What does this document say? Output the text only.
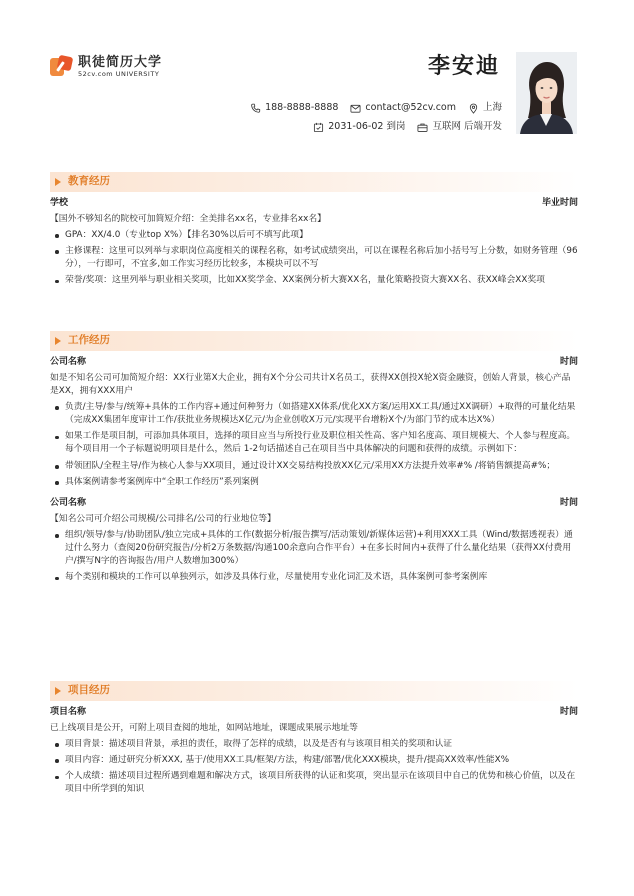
职徒简历大学
52cv.com UNIVERSITY	李安迪
188-8888-8888	contact@52cv.com	上海
2031-06-02 到岗	互联网 后端开发
教育经历
学校	毕业时间
【国外不够知名的院校可加简短介绍：全美排名xx名，专业排名xx名】
GPA：XX/4.0（专业top X%）【排名30%以后可不填写此项】
主修课程：这里可以列举与求职岗位高度相关的课程名称，如考试成绩突出，可以在课程名称后加小括号写上分数，如财务管理（96分），一行即可，不宜多,如工作实习经历比较多，本模块可以不写
荣誉/奖项：这里列举与职业相关奖项，比如XX奖学金、XX案例分析大赛XX名，量化策略投资大赛XX名、获XX峰会XX奖项
工作经历
公司名称	时间
如是不知名公司可加简短介绍：XX行业第X大企业，拥有X个分公司共计X名员工，获得XX创投X轮X资金融资，创始人背景，核心产品是XX，拥有XXX用户
负责/主导/参与/统筹+具体的工作内容+通过何种努力（如搭建XX体系/优化XX方案/运用XX工具/通过XX调研）+取得的可量化结果（完成XX集团年度审计工作/获批业务规模达X亿元/为企业创收X万元/实现平台增粉X个/为部门节约成本达X%）
如果工作是项目制，可添加具体项目，选择的项目应当与所投行业及职位相关性高、客户知名度高、项目规模大、个人参与程度高。每个项目用一个子标题说明项目是什么，然后 1-2句话描述自己在项目当中具体解决的问题和获得的成绩。示例如下：
带领团队/全程主导/作为核心人参与XX项目，通过设计XX交易结构投放XX亿元/采用XX方法提升效率#% /将销售额提高#%；
具体案例请参考案例库中“全职工作经历”系列案例
公司名称	时间
【知名公司可介绍公司规模/公司排名/公司的行业地位等】
组织/领导/参与/协助团队/独立完成+具体的工作(数据分析/报告撰写/活动策划/新媒体运营)+利用XXX工具（Wind/数据透视表）通过什么努力（查阅20份研究报告/分析2万条数据/沟通100余意向合作平台）+在多长时间内+获得了什么量化结果（获得XX付费用户/撰写N字的咨询报告/用户人数增加300%）
每个类别和模块的工作可以单独列示，如涉及具体行业，尽量使用专业化词汇及术语，具体案例可参考案例库
项目经历
项目名称	时间
已上线项目是公开，可附上项目查阅的地址，如网站地址，课题成果展示地址等
项目背景：描述项目背景，承担的责任，取得了怎样的成绩，以及是否有与该项目相关的奖项和认证
项目内容：通过研究分析XXX, 基于/使用XX工具/框架/方法，构建/部署/优化XXX模块，提升/提高XX效率/性能X%
个人成绩：描述项目过程所遇到难题和解决方式，该项目所获得的认证和奖项，突出显示在该项目中自己的优势和核心价值，以及在项目中所学到的知识
